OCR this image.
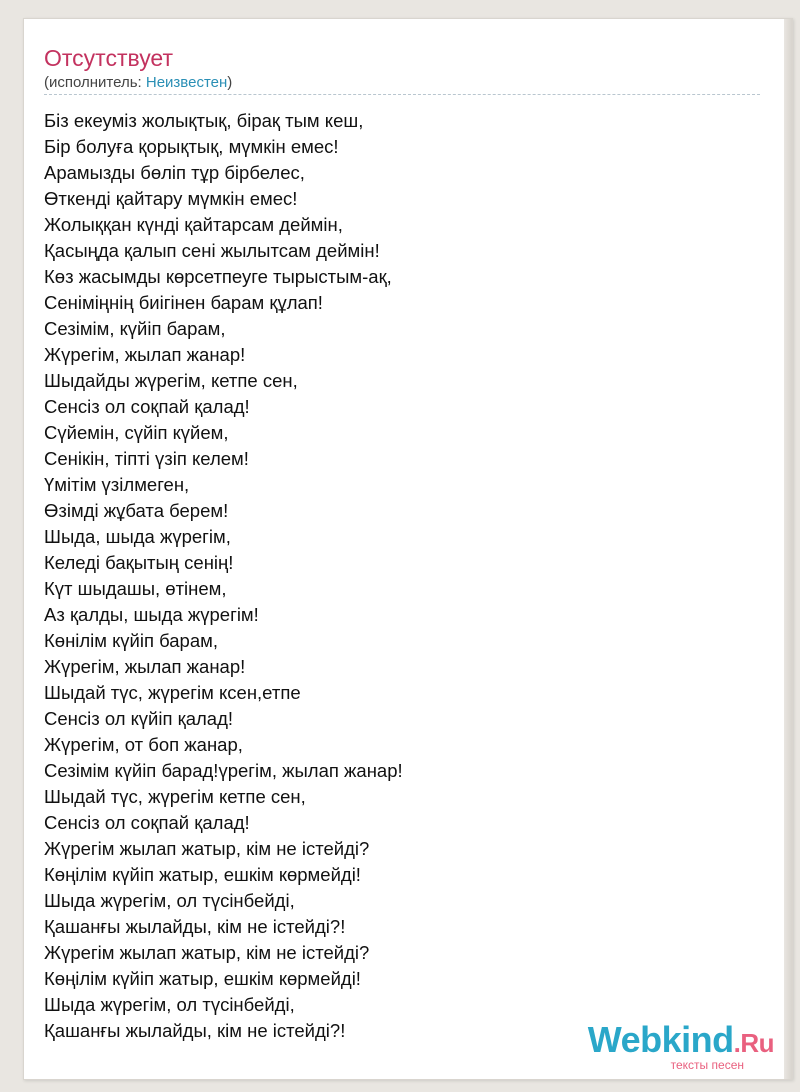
Отсутствует
(исполнитель: Неизвестен)
Біз екеуміз жолықтық, бірақ тым кеш,
Бір болуға қорықтық, мүмкін емес!
Арамызды бөліп тұр бірбелес,
Өткенді қайтару мүмкін емес!
Жолыққан күнді қайтарсам деймін,
Қасыңда қалып сені жылытсам деймін!
Көз жасымды көрсетпеуге тырыстым-ақ,
Сеніміңнің биігінен барам құлап!
Сезімім, күйіп барам,
Жүрегім, жылап жанар!
Шыдайды жүрегім, кетпе сен,
Сенсіз ол соқпай қалад!
Сүйемін, сүйіп күйем,
Сенікін, тіпті үзіп келем!
Үмітім үзілмеген,
Өзімді жұбата берем!
Шыда, шыда жүрегім,
Келеді бақытың сенің!
Күт шыдашы, өтінем,
Аз қалды, шыда жүрегім!
Көнілім күйіп барам,
Жүрегім, жылап жанар!
Шыдай түс, жүрегім ксен,етпе
Сенсіз ол күйіп қалад!
Жүрегім, от боп жанар,
Сезімім күйіп барад!үрегім, жылап жанар!
Шыдай түс, жүрегім кетпе сен,
Сенсіз ол соқпай қалад!
Жүрегім жылап жатыр, кім не істейді?
Көңілім күйіп жатыр, ешкім көрмейді!
Шыда жүрегім, ол түсінбейді,
Қашанғы жылайды, кім не істейді?!
Жүрегім жылап жатыр, кім не істейді?
Көңілім күйіп жатыр, ешкім көрмейді!
Шыда жүрегім, ол түсінбейді,
Қашанғы жылайды, кім не істейді?!	Webkind.Ru
тексты песен
